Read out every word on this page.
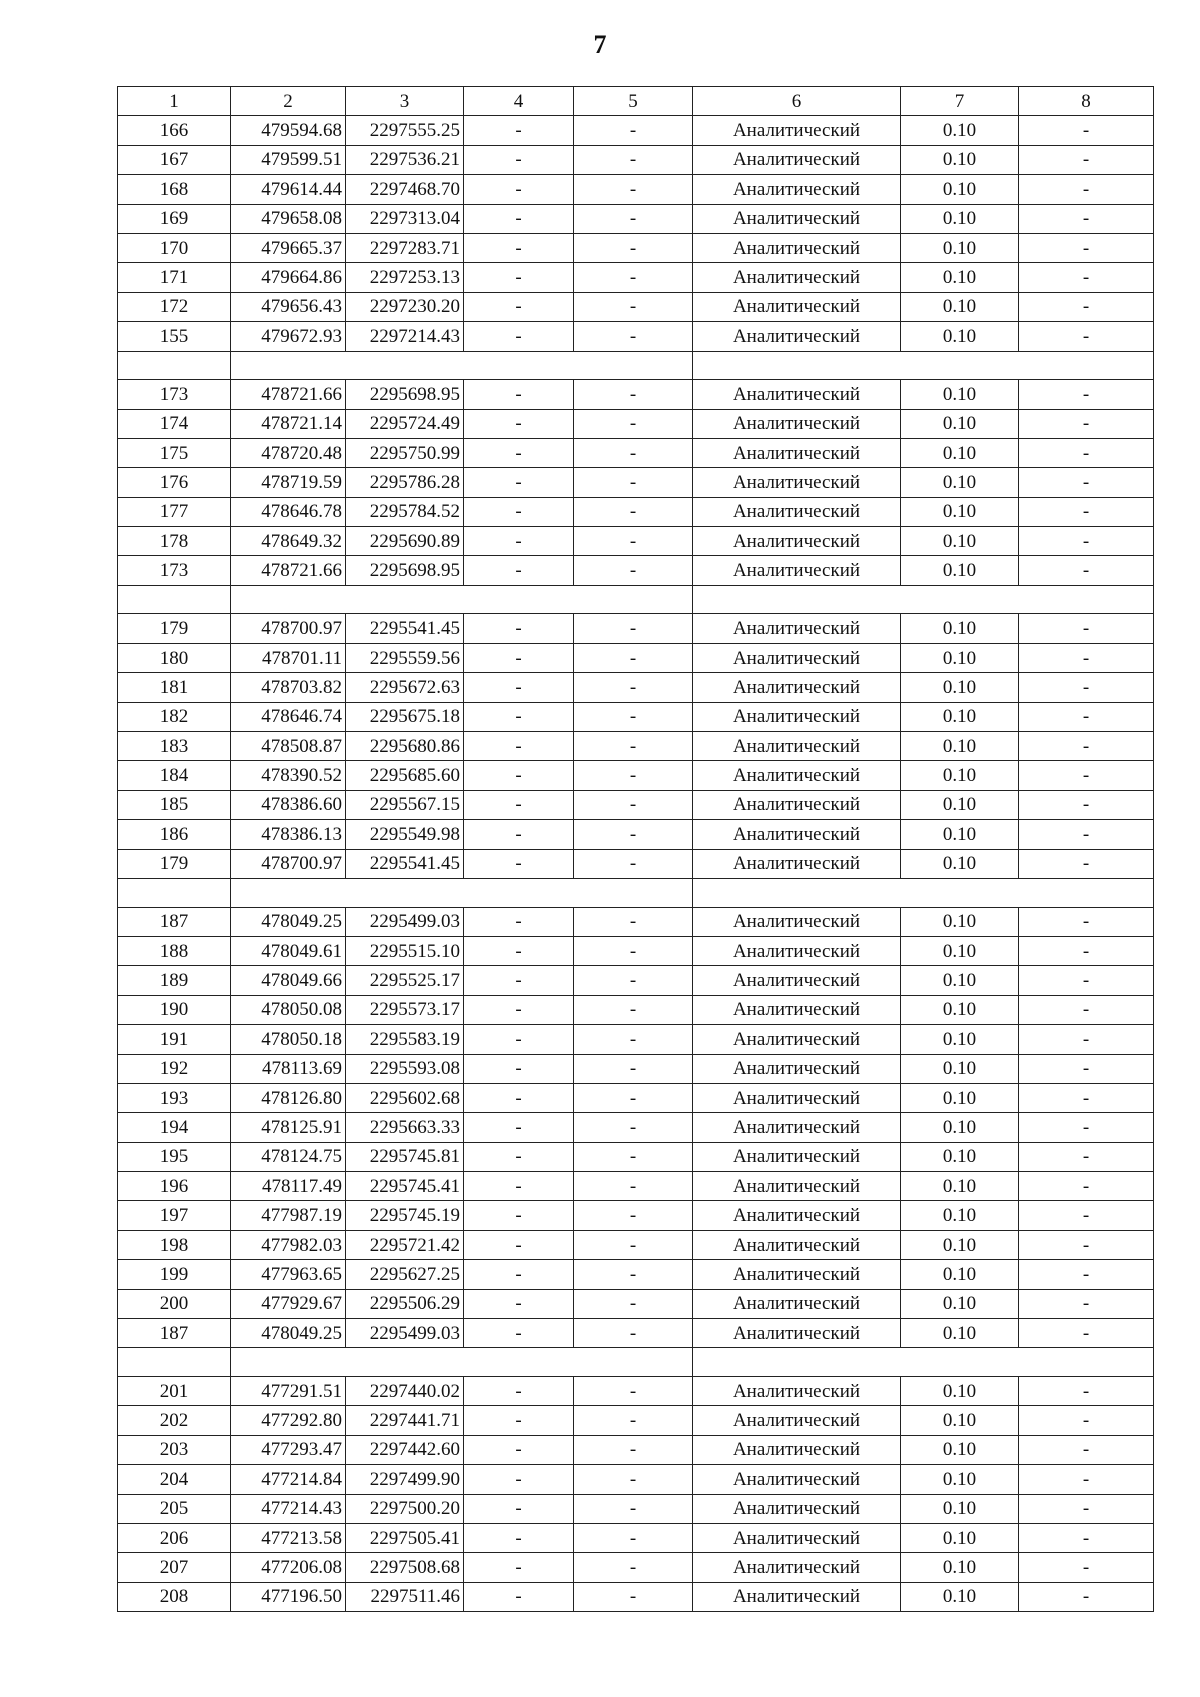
7
1	2	3	4	5	6	7	8
166	479594.68	2297555.25	-	-	Аналитический	0.10	-
167	479599.51	2297536.21	-	-	Аналитический	0.10	-
168	479614.44	2297468.70	-	-	Аналитический	0.10	-
169	479658.08	2297313.04	-	-	Аналитический	0.10	-
170	479665.37	2297283.71	-	-	Аналитический	0.10	-
171	479664.86	2297253.13	-	-	Аналитический	0.10	-
172	479656.43	2297230.20	-	-	Аналитический	0.10	-
155	479672.93	2297214.43	-	-	Аналитический	0.10	-

173	478721.66	2295698.95	-	-	Аналитический	0.10	-
174	478721.14	2295724.49	-	-	Аналитический	0.10	-
175	478720.48	2295750.99	-	-	Аналитический	0.10	-
176	478719.59	2295786.28	-	-	Аналитический	0.10	-
177	478646.78	2295784.52	-	-	Аналитический	0.10	-
178	478649.32	2295690.89	-	-	Аналитический	0.10	-
173	478721.66	2295698.95	-	-	Аналитический	0.10	-

179	478700.97	2295541.45	-	-	Аналитический	0.10	-
180	478701.11	2295559.56	-	-	Аналитический	0.10	-
181	478703.82	2295672.63	-	-	Аналитический	0.10	-
182	478646.74	2295675.18	-	-	Аналитический	0.10	-
183	478508.87	2295680.86	-	-	Аналитический	0.10	-
184	478390.52	2295685.60	-	-	Аналитический	0.10	-
185	478386.60	2295567.15	-	-	Аналитический	0.10	-
186	478386.13	2295549.98	-	-	Аналитический	0.10	-
179	478700.97	2295541.45	-	-	Аналитический	0.10	-

187	478049.25	2295499.03	-	-	Аналитический	0.10	-
188	478049.61	2295515.10	-	-	Аналитический	0.10	-
189	478049.66	2295525.17	-	-	Аналитический	0.10	-
190	478050.08	2295573.17	-	-	Аналитический	0.10	-
191	478050.18	2295583.19	-	-	Аналитический	0.10	-
192	478113.69	2295593.08	-	-	Аналитический	0.10	-
193	478126.80	2295602.68	-	-	Аналитический	0.10	-
194	478125.91	2295663.33	-	-	Аналитический	0.10	-
195	478124.75	2295745.81	-	-	Аналитический	0.10	-
196	478117.49	2295745.41	-	-	Аналитический	0.10	-
197	477987.19	2295745.19	-	-	Аналитический	0.10	-
198	477982.03	2295721.42	-	-	Аналитический	0.10	-
199	477963.65	2295627.25	-	-	Аналитический	0.10	-
200	477929.67	2295506.29	-	-	Аналитический	0.10	-
187	478049.25	2295499.03	-	-	Аналитический	0.10	-

201	477291.51	2297440.02	-	-	Аналитический	0.10	-
202	477292.80	2297441.71	-	-	Аналитический	0.10	-
203	477293.47	2297442.60	-	-	Аналитический	0.10	-
204	477214.84	2297499.90	-	-	Аналитический	0.10	-
205	477214.43	2297500.20	-	-	Аналитический	0.10	-
206	477213.58	2297505.41	-	-	Аналитический	0.10	-
207	477206.08	2297508.68	-	-	Аналитический	0.10	-
208	477196.50	2297511.46	-	-	Аналитический	0.10	-
